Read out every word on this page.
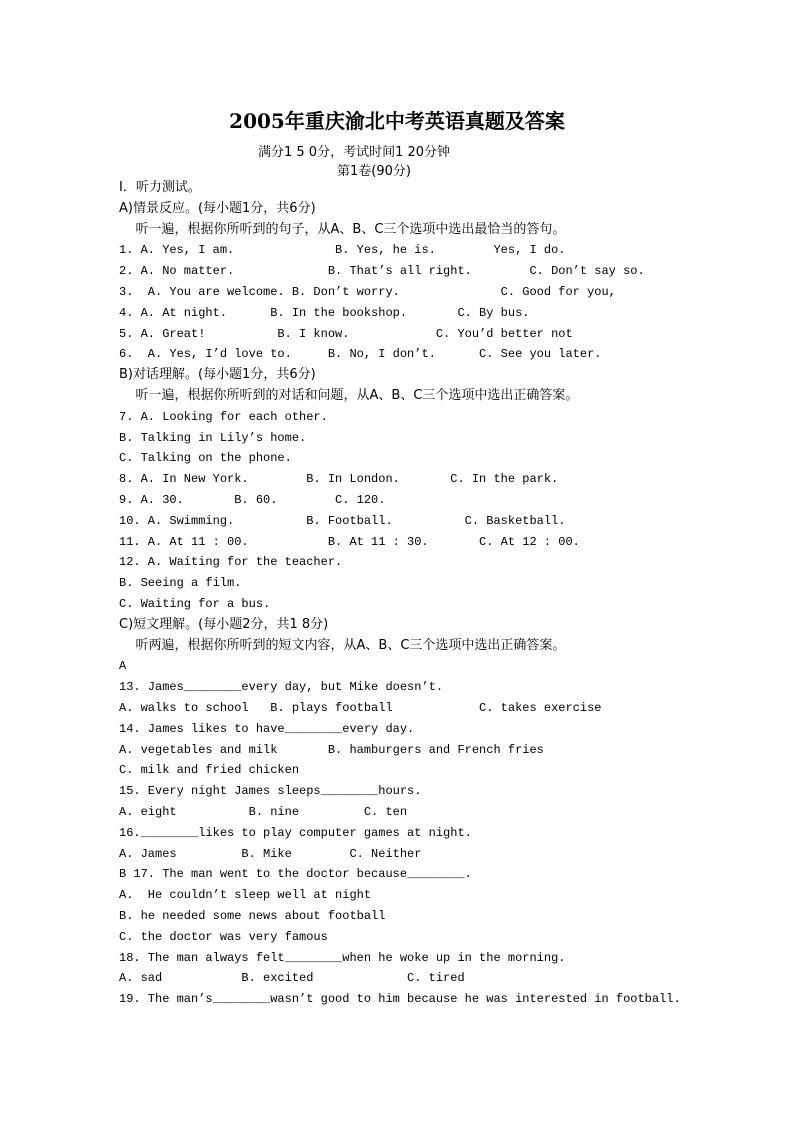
2005年重庆渝北中考英语真题及答案
满分1 5 0分，考试时间1 20分钟
第1卷(90分)
I．听力测试。
A)情景反应。(每小题1分，共6分)
听一遍，根据你所听到的句子，从A、B、C三个选项中选出最恰当的答句。
1. A. Yes, I am.              B. Yes, he is.        Yes, I do.
2. A. No matter.             B. That’s all right.        C. Don’t say so.
3.  A. You are welcome. B. Don’t worry.              C. Good for you,
4. A. At night.      B. In the bookshop.       C. By bus.
5. A. Great!          B. I know.            C. You’d better not
6.  A. Yes, I’d love to.     B. No, I don’t.      C. See you later.
B)对话理解。(每小题1分，共6分)
听一遍，根据你所听到的对话和问题，从A、B、C三个选项中选出正确答案。
7. A. Looking for each other.
B. Talking in Lily’s home.
C. Talking on the phone.
8. A. In New York.        B. In London.       C. In the park.
9. A. 30.       B. 60.        C. 120.
10. A. Swimming.          B. Football.          C. Basketball.
11. A. At 11 : 00.           B. At 11 : 30.       C. At 12 : 00.
12. A. Waiting for the teacher.
B. Seeing a film.
C. Waiting for a bus.
C)短文理解。(每小题2分，共1 8分)
听两遍，根据你所听到的短文内容，从A、B、C三个选项中选出正确答案。
A
13. James________every day, but Mike doesn’t.
A. walks to school   B. plays football            C. takes exercise
14. James likes to have________every day.
A. vegetables and milk       B. hamburgers and French fries
C. milk and fried chicken
15. Every night James sleeps________hours.
A. eight          B. nine         C. ten
16.________likes to play computer games at night.
A. James         B. Mike        C. Neither
B 17. The man went to the doctor because________.
A.  He couldn’t sleep well at night
B. he needed some news about football
C. the doctor was very famous
18. The man always felt________when he woke up in the morning.
A. sad           B. excited             C. tired
19. The man’s________wasn’t good to him because he was interested in football.
